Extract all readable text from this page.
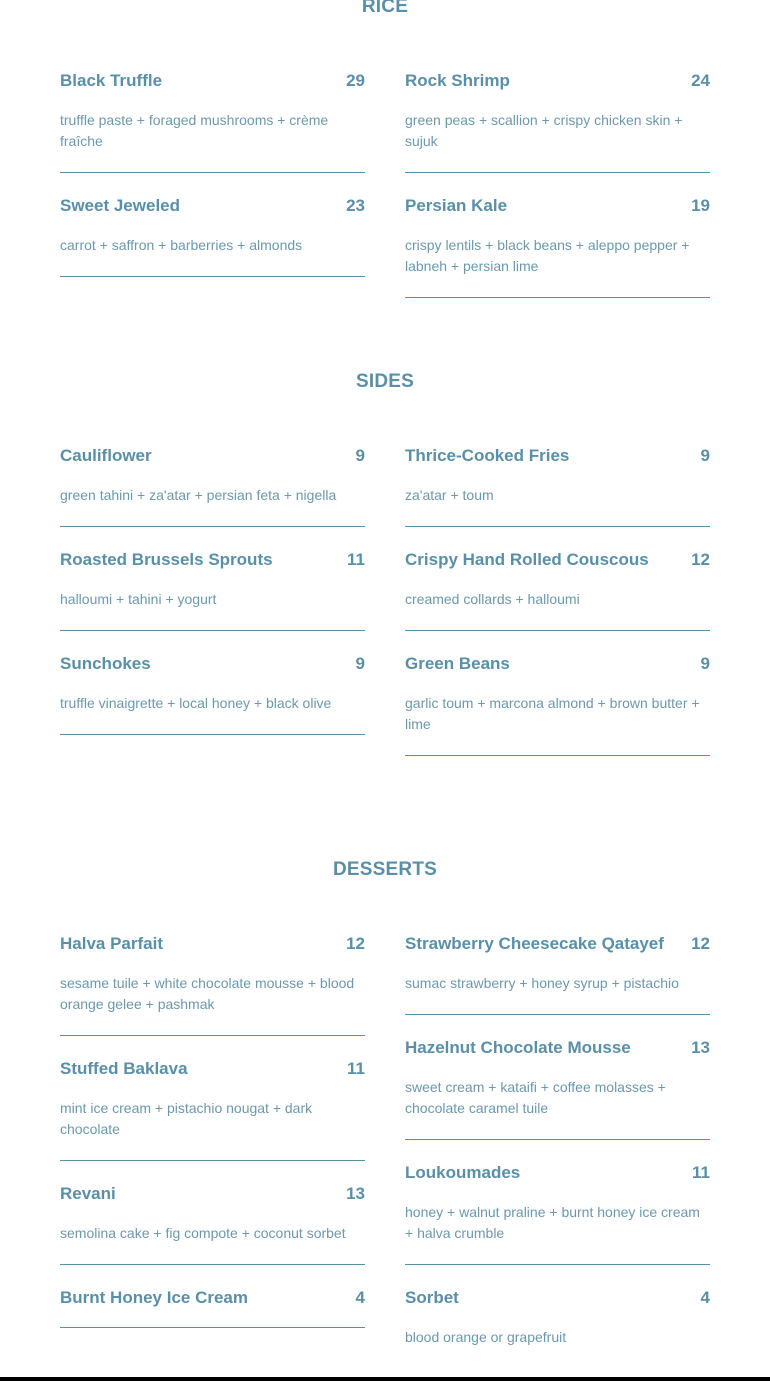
RICE
Black Truffle	29
truffle paste + foraged mushrooms + crème fraîche
Sweet Jeweled	23
carrot + saffron + barberries + almonds
Rock Shrimp	24
green peas + scallion + crispy chicken skin + sujuk
Persian Kale	19
crispy lentils + black beans + aleppo pepper + labneh + persian lime
SIDES
Cauliflower	9
green tahini + za'atar + persian feta + nigella
Roasted Brussels Sprouts	11
halloumi + tahini + yogurt
Sunchokes	9
truffle vinaigrette + local honey + black olive
Thrice-Cooked Fries	9
za'atar + toum
Crispy Hand Rolled Couscous 12
creamed collards + halloumi
Green Beans	9
garlic toum + marcona almond + brown butter + lime
DESSERTS
Halva Parfait	12
sesame tuile + white chocolate mousse + blood orange gelee + pashmak
Stuffed Baklava	11
mint ice cream + pistachio nougat + dark chocolate
Revani	13
semolina cake + fig compote + coconut sorbet
Burnt Honey Ice Cream	4
Strawberry Cheesecake Qatayef 12
sumac strawberry + honey syrup + pistachio
Hazelnut Chocolate Mousse	13
sweet cream + kataifi + coffee molasses + chocolate caramel tuile
Loukoumades	11
honey + walnut praline + burnt honey ice cream + halva crumble
Sorbet	4
blood orange or grapefruit
